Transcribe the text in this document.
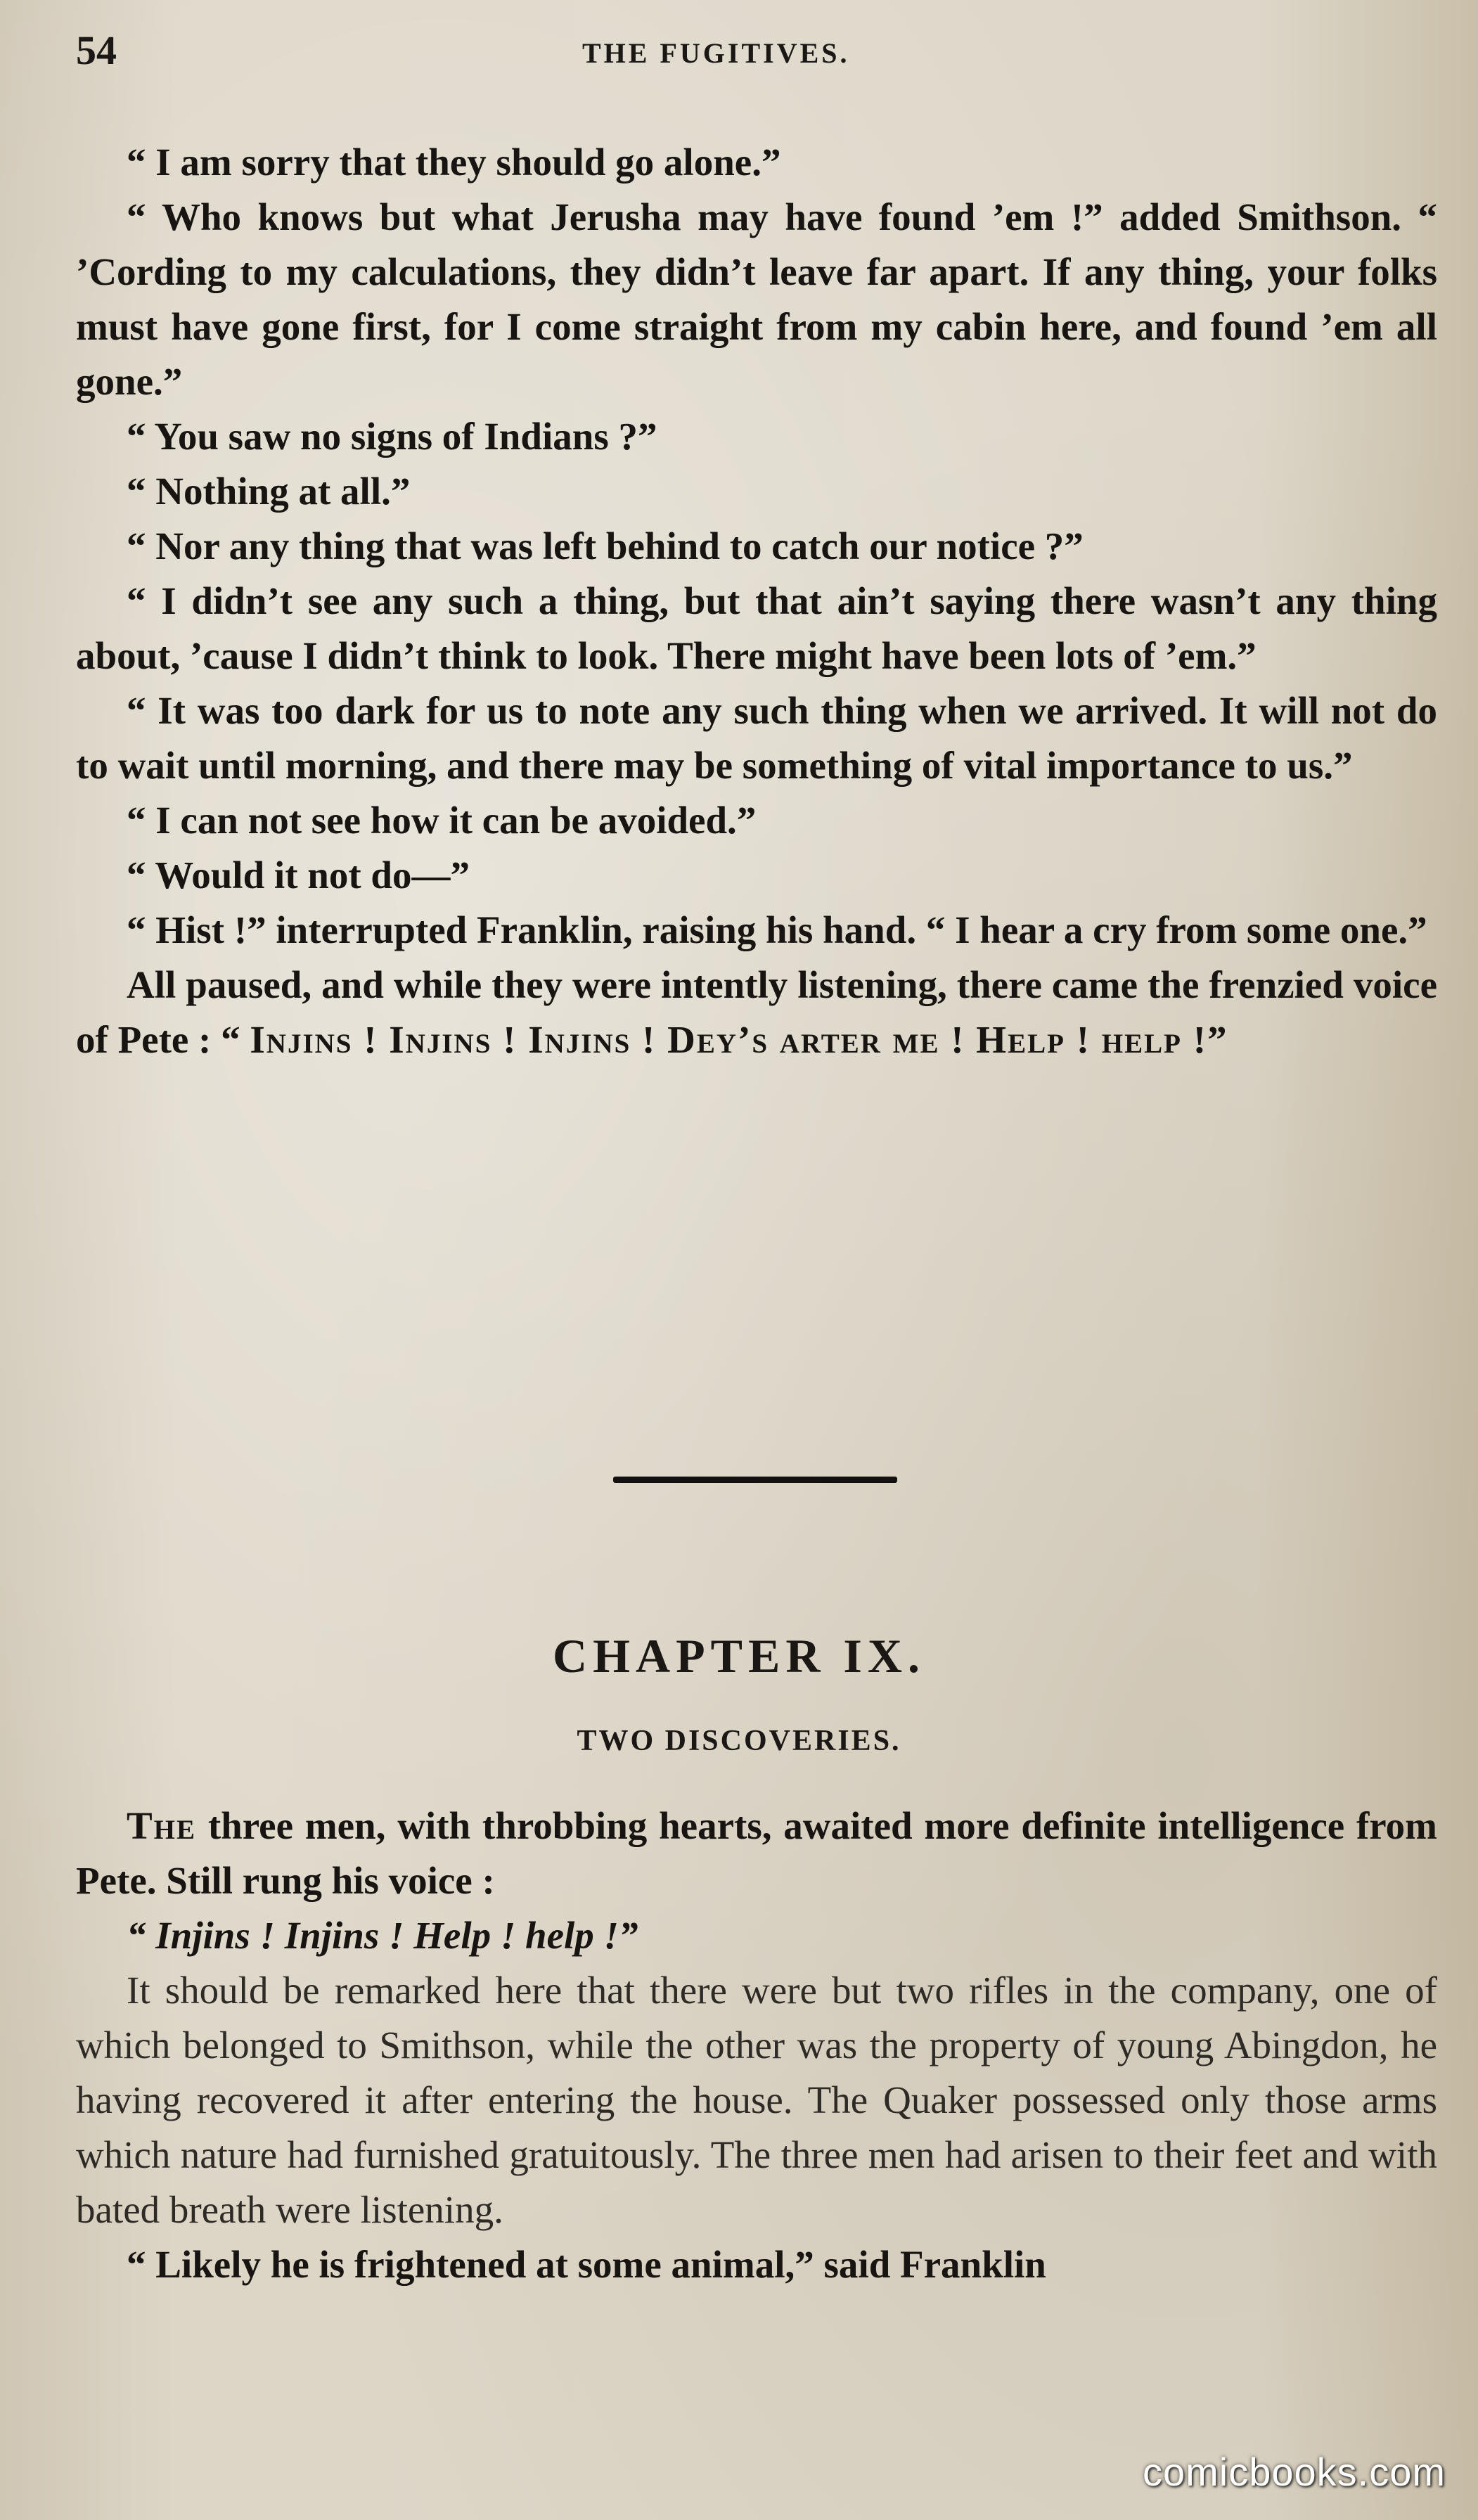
54	THE FUGITIVES.

“ I am sorry that they should go alone.”

“ Who knows but what Jerusha may have found ’em !” added Smithson. “ ’Cording to my calculations, they didn’t leave far apart. If any thing, your folks must have gone first, for I come straight from my cabin here, and found ’em all gone.”

“ You saw no signs of Indians ?”

“ Nothing at all.”

“ Nor any thing that was left behind to catch our notice ?”

“ I didn’t see any such a thing, but that ain’t saying there wasn’t any thing about, ’cause I didn’t think to look. There might have been lots of ’em.”

“ It was too dark for us to note any such thing when we arrived. It will not do to wait until morning, and there may be something of vital importance to us.”

“ I can not see how it can be avoided.”

“ Would it not do—”

“ Hist !” interrupted Franklin, raising his hand. “ I hear a cry from some one.”

All paused, and while they were intently listening, there came the frenzied voice of Pete : “ Injins ! Injins ! Injins ! Dey’s arter me ! Help ! help !”

CHAPTER IX.
TWO DISCOVERIES.

The three men, with throbbing hearts, awaited more definite intelligence from Pete. Still rung his voice :

“ Injins ! Injins ! Help ! help !”

It should be remarked here that there were but two rifles in the company, one of which belonged to Smithson, while the other was the property of young Abingdon, he having recovered it after entering the house. The Quaker possessed only those arms which nature had furnished gratuitously. The three men had arisen to their feet and with bated breath were listening.

“ Likely he is frightened at some animal,” said Franklin

comicbooks.com
